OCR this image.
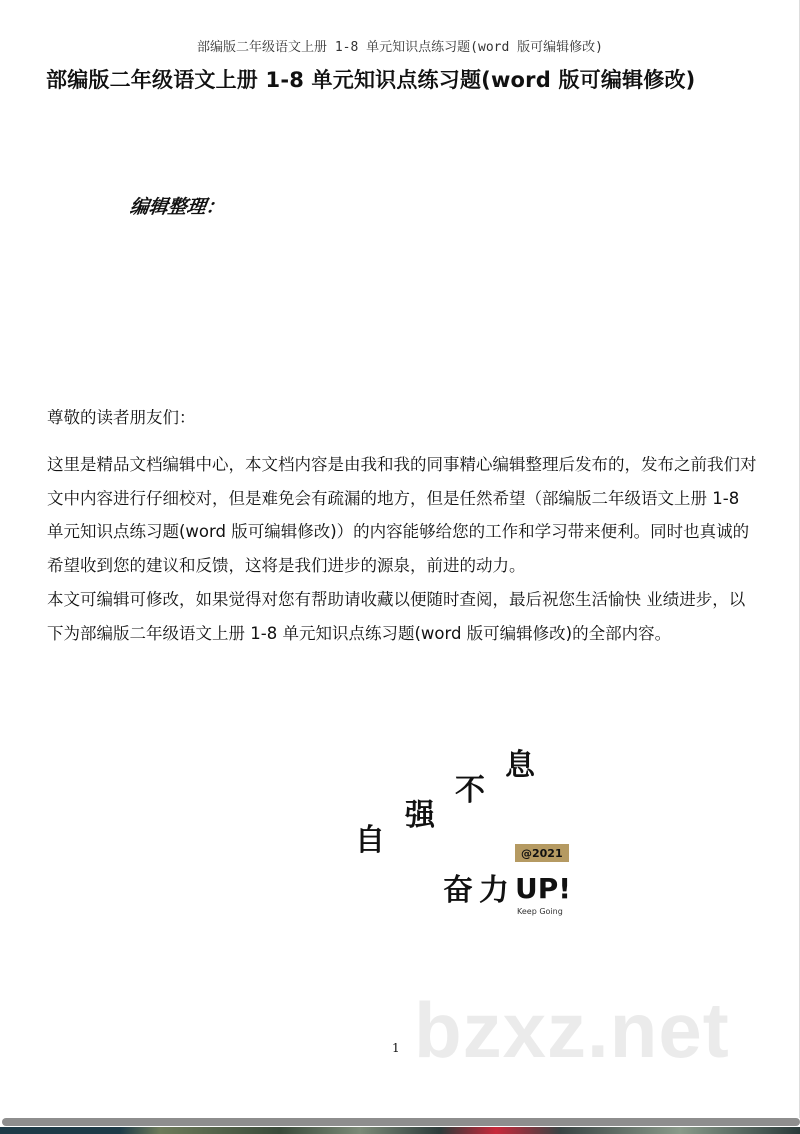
部编版二年级语文上册 1-8 单元知识点练习题(word 版可编辑修改)
部编版二年级语文上册 1-8 单元知识点练习题(word 版可编辑修改)
编辑整理：
尊敬的读者朋友们：
这里是精品文档编辑中心，本文档内容是由我和我的同事精心编辑整理后发布的，发布之前我们对
文中内容进行仔细校对，但是难免会有疏漏的地方，但是任然希望（部编版二年级语文上册 1-8
单元知识点练习题(word 版可编辑修改)）的内容能够给您的工作和学习带来便利。同时也真诚的
希望收到您的建议和反馈，这将是我们进步的源泉，前进的动力。
本文可编辑可修改，如果觉得对您有帮助请收藏以便随时查阅，最后祝您生活愉快 业绩进步，以
下为部编版二年级语文上册 1-8 单元知识点练习题(word 版可编辑修改)的全部内容。
自
强
不
息
奋 力
@2021
UP!
Keep Going
bzxz.net
1
